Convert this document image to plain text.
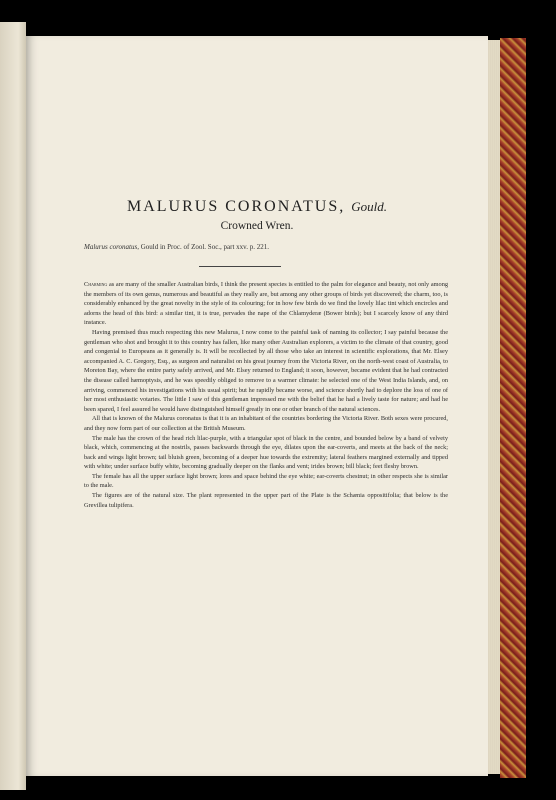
MALURUS CORONATUS, Gould.
Crowned Wren.
Malurus coronatus, Gould in Proc. of Zool. Soc., part xxv. p. 221.

Charming as are many of the smaller Australian birds, I think the present species is entitled to the palm for elegance and beauty, not only among the members of its own genus, numerous and beautiful as they really are, but among any other groups of birds yet discovered; the charm, too, is considerably enhanced by the great novelty in the style of its colouring; for in how few birds do we find the lovely lilac tint which encircles and adorns the head of this bird: a similar tint, it is true, pervades the nape of the Chlamyderæ (Bower birds); but I scarcely know of any third instance.

Having premised thus much respecting this new Malurus, I now come to the painful task of naming its collector; I say painful because the gentleman who shot and brought it to this country has fallen, like many other Australian explorers, a victim to the climate of that country, good and congenial to Europeans as it generally is. It will be recollected by all those who take an interest in scientific explorations, that Mr. Elsey accompanied A. C. Gregory, Esq., as surgeon and naturalist on his great journey from the Victoria River, on the north-west coast of Australia, to Moreton Bay, where the entire party safely arrived, and Mr. Elsey returned to England; it soon, however, became evident that he had contracted the disease called hæmoptysis, and he was speedily obliged to remove to a warmer climate: he selected one of the West India Islands, and, on arriving, commenced his investigations with his usual spirit; but he rapidly became worse, and science shortly had to deplore the loss of one of her most enthusiastic votaries. The little I saw of this gentleman impressed me with the belief that he had a lively taste for nature; and had he been spared, I feel assured he would have distinguished himself greatly in one or other branch of the natural sciences.

All that is known of the Malurus coronatus is that it is an inhabitant of the countries bordering the Victoria River. Both sexes were procured, and they now form part of our collection at the British Museum.

The male has the crown of the head rich lilac-purple, with a triangular spot of black in the centre, and bounded below by a band of velvety black, which, commencing at the nostrils, passes backwards through the eye, dilates upon the ear-coverts, and meets at the back of the neck; back and wings light brown; tail bluish green, becoming of a deeper hue towards the extremity; lateral feathers margined externally and tipped with white; under surface buffy white, becoming gradually deeper on the flanks and vent; irides brown; bill black; feet fleshy brown.

The female has all the upper surface light brown; lores and space behind the eye white; ear-coverts chestnut; in other respects she is similar to the male.

The figures are of the natural size. The plant represented in the upper part of the Plate is the Schænia oppositifolia; that below is the Grevillea tulipifera.
